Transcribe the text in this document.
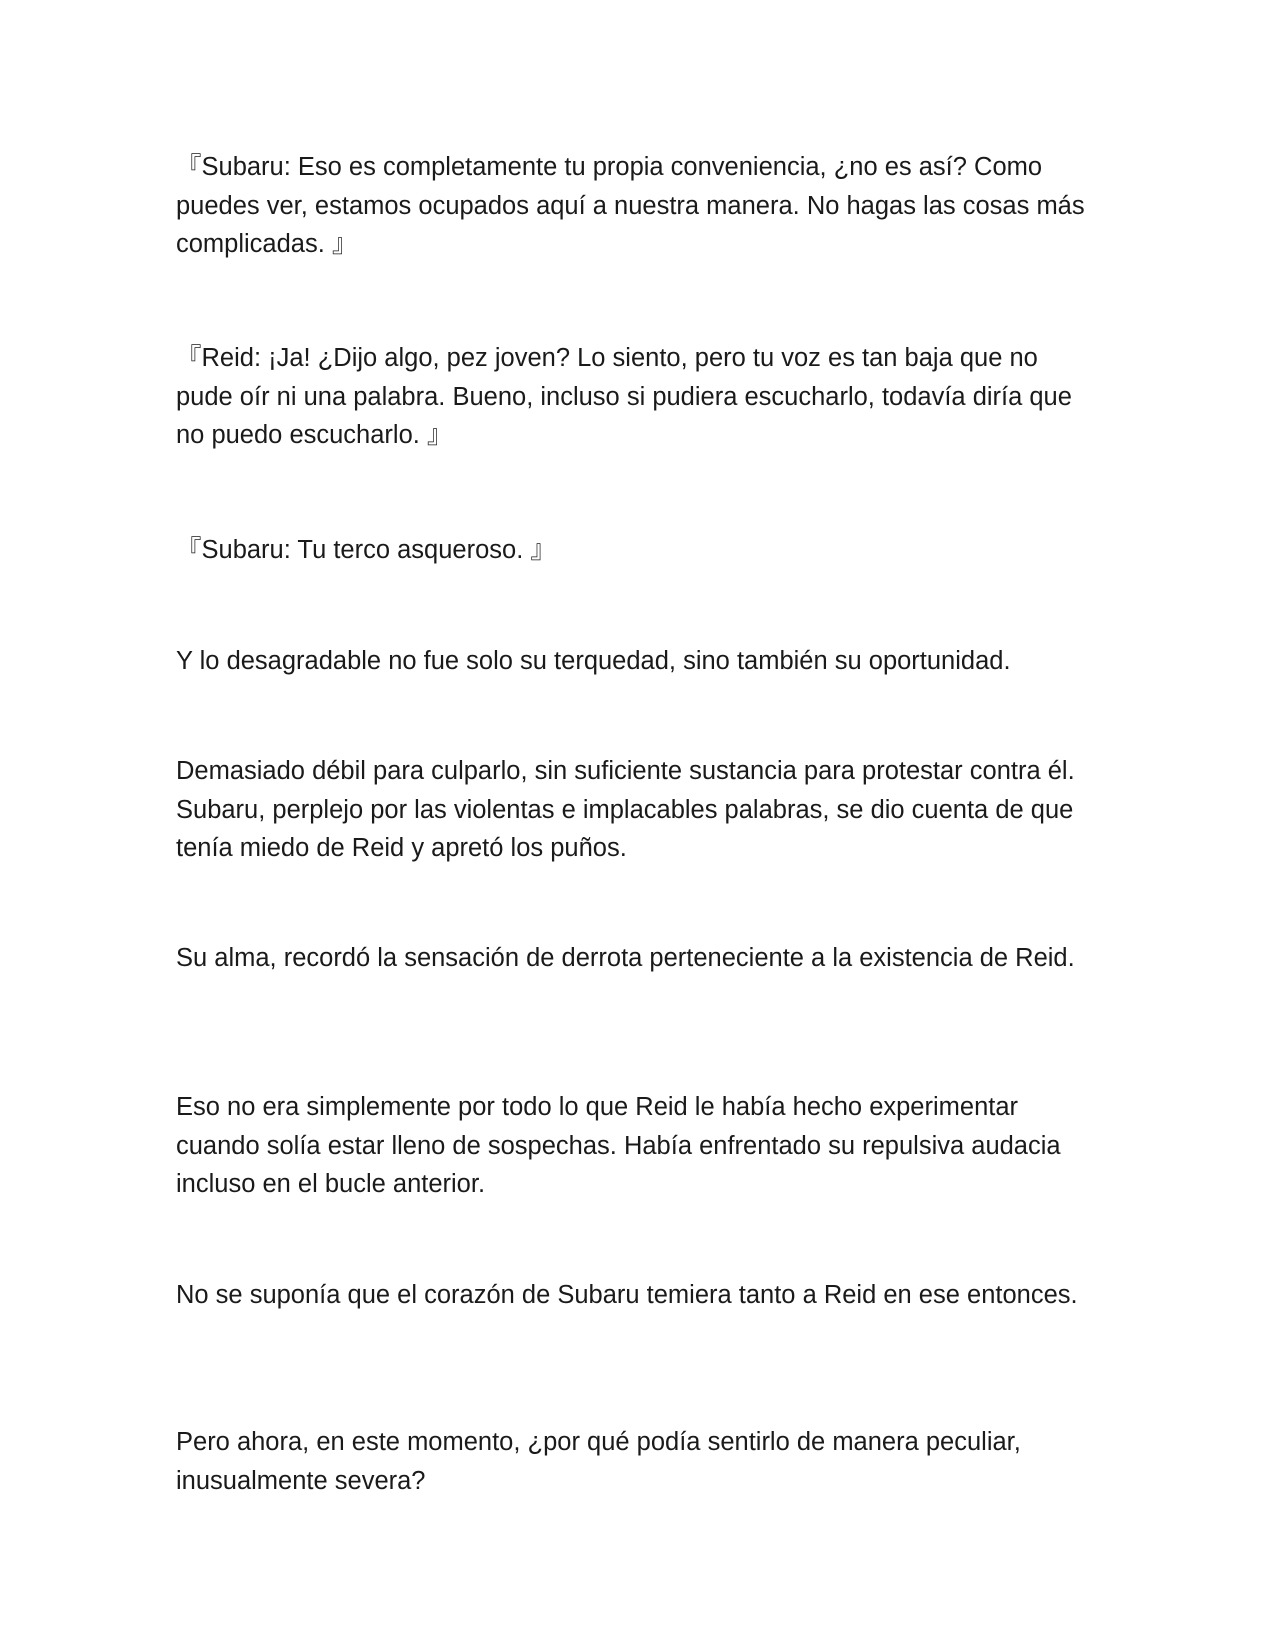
『Subaru: Eso es completamente tu propia conveniencia, ¿no es así? Como puedes ver, estamos ocupados aquí a nuestra manera. No hagas las cosas más complicadas. 』

『Reid: ¡Ja! ¿Dijo algo, pez joven? Lo siento, pero tu voz es tan baja que no pude oír ni una palabra. Bueno, incluso si pudiera escucharlo, todavía diría que no puedo escucharlo. 』

『Subaru: Tu terco asqueroso. 』

Y lo desagradable no fue solo su terquedad, sino también su oportunidad.

Demasiado débil para culparlo, sin suficiente sustancia para protestar contra él. Subaru, perplejo por las violentas e implacables palabras, se dio cuenta de que tenía miedo de Reid y apretó los puños.

Su alma, recordó la sensación de derrota perteneciente a la existencia de Reid.

Eso no era simplemente por todo lo que Reid le había hecho experimentar cuando solía estar lleno de sospechas. Había enfrentado su repulsiva audacia incluso en el bucle anterior.

No se suponía que el corazón de Subaru temiera tanto a Reid en ese entonces.

Pero ahora, en este momento, ¿por qué podía sentirlo de manera peculiar, inusualmente severa?
